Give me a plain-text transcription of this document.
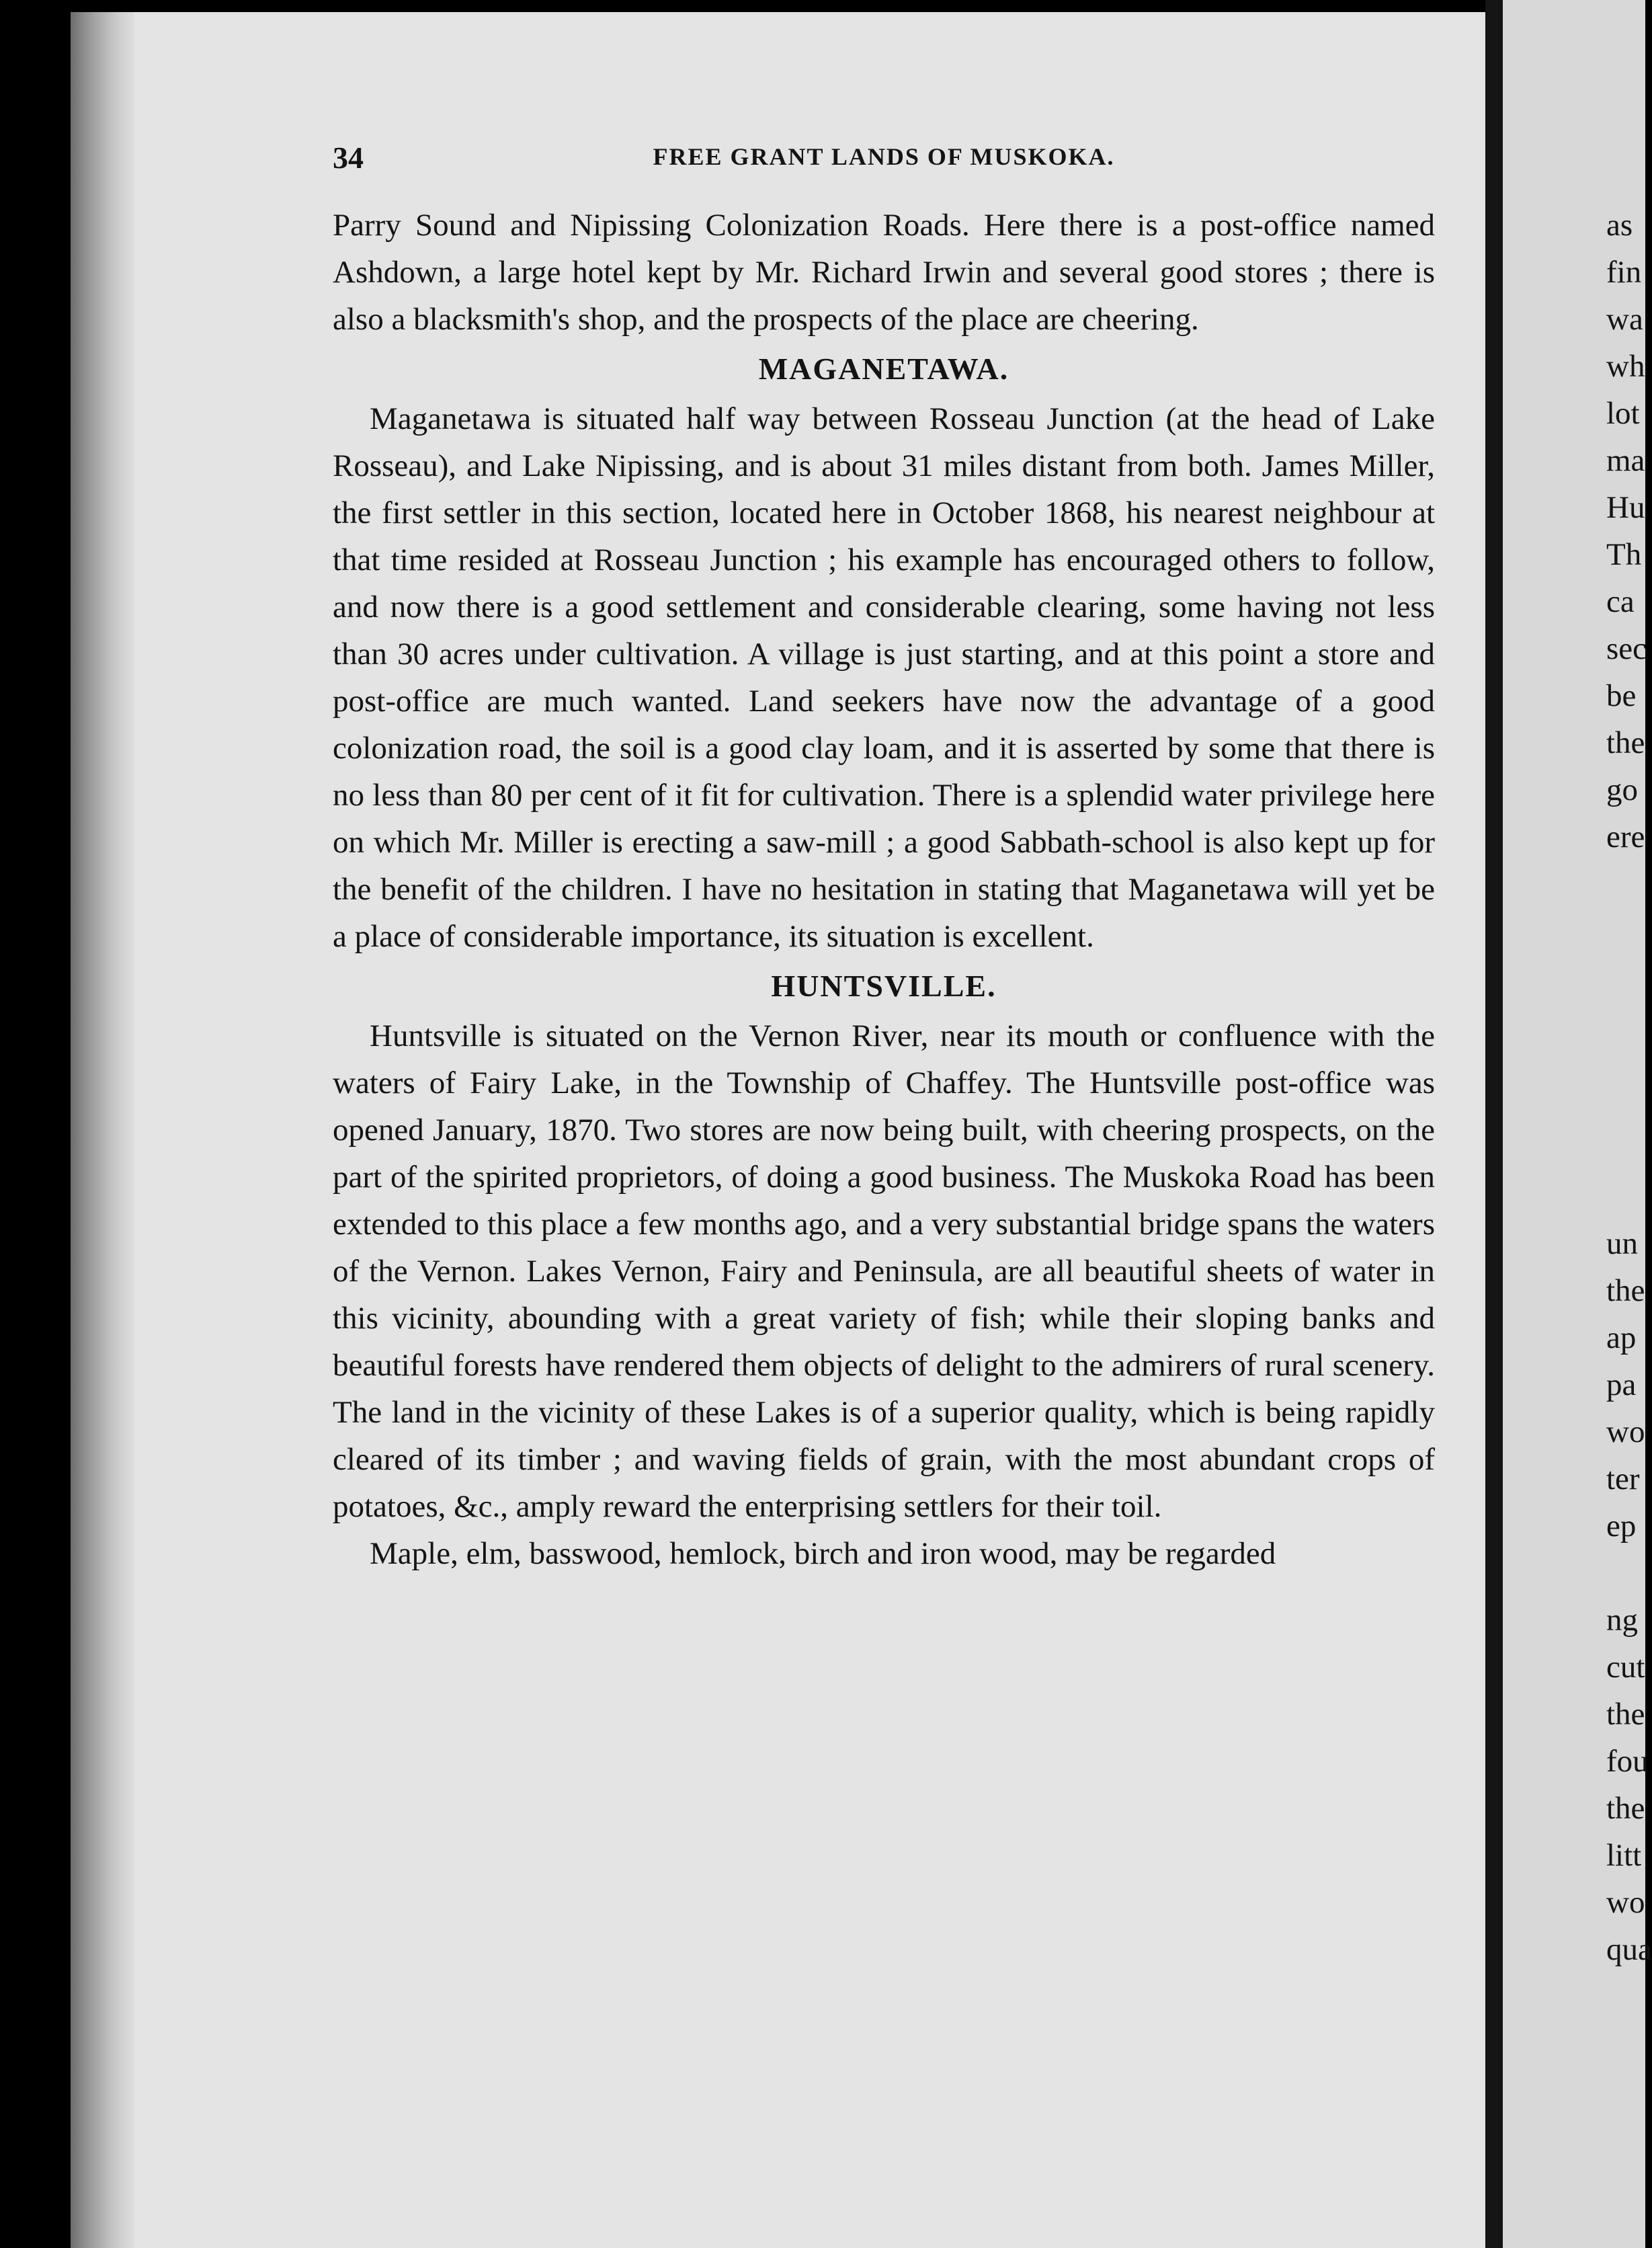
34	FREE GRANT LANDS OF MUSKOKA.

Parry Sound and Nipissing Colonization Roads. Here there is a post-office named Ashdown, a large hotel kept by Mr. Richard Irwin and several good stores ; there is also a blacksmith's shop, and the prospects of the place are cheering.

MAGANETAWA.

Maganetawa is situated half way between Rosseau Junction (at the head of Lake Rosseau), and Lake Nipissing, and is about 31 miles distant from both. James Miller, the first settler in this section, located here in October 1868, his nearest neighbour at that time resided at Rosseau Junction ; his example has encouraged others to follow, and now there is a good settlement and considerable clearing, some having not less than 30 acres under cultivation. A village is just starting, and at this point a store and post-office are much wanted. Land seekers have now the advantage of a good colonization road, the soil is a good clay loam, and it is asserted by some that there is no less than 80 per cent of it fit for cultivation. There is a splendid water privilege here on which Mr. Miller is erecting a saw-mill ; a good Sabbath-school is also kept up for the benefit of the children. I have no hesitation in stating that Maganetawa will yet be a place of considerable importance, its situation is excellent.

HUNTSVILLE.

Huntsville is situated on the Vernon River, near its mouth or confluence with the waters of Fairy Lake, in the Township of Chaffey. The Huntsville post-office was opened January, 1870. Two stores are now being built, with cheering prospects, on the part of the spirited proprietors, of doing a good business. The Muskoka Road has been extended to this place a few months ago, and a very substantial bridge spans the waters of the Vernon. Lakes Vernon, Fairy and Peninsula, are all beautiful sheets of water in this vicinity, abounding with a great variety of fish; while their sloping banks and beautiful forests have rendered them objects of delight to the admirers of rural scenery. The land in the vicinity of these Lakes is of a superior quality, which is being rapidly cleared of its timber ; and waving fields of grain, with the most abundant crops of potatoes, &c., amply reward the enterprising settlers for their toil.

Maple, elm, basswood, hemlock, birch and iron wood, may be regarded

as
fin
wa
wh
lot
ma
Hu
Th
ca
sec
be
the
go
ere
un
the
ap
pa
wo
ter
ep
ng
cut
the
fou
the
litt
wo
qua
